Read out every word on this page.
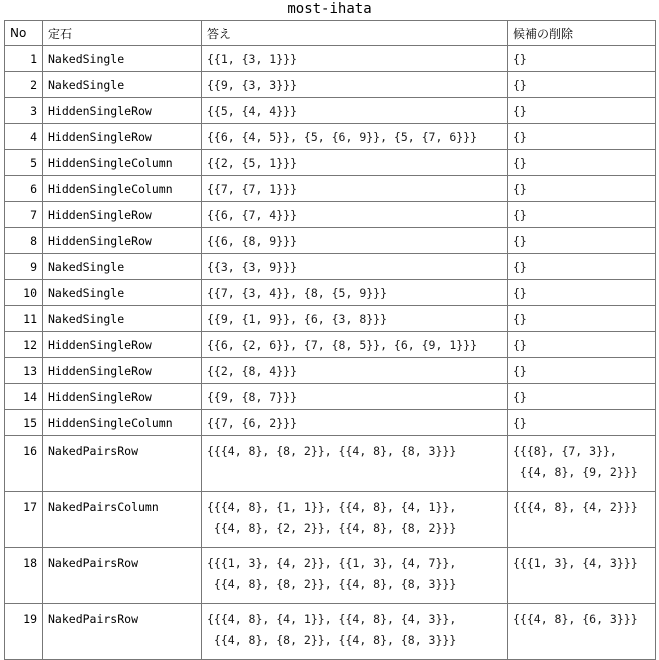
most-ihata
No	定石	答え	候補の削除
1	NakedSingle	{{1, {3, 1}}}	{}
2	NakedSingle	{{9, {3, 3}}}	{}
3	HiddenSingleRow	{{5, {4, 4}}}	{}
4	HiddenSingleRow	{{6, {4, 5}}, {5, {6, 9}}, {5, {7, 6}}}	{}
5	HiddenSingleColumn	{{2, {5, 1}}}	{}
6	HiddenSingleColumn	{{7, {7, 1}}}	{}
7	HiddenSingleRow	{{6, {7, 4}}}	{}
8	HiddenSingleRow	{{6, {8, 9}}}	{}
9	NakedSingle	{{3, {3, 9}}}	{}
10	NakedSingle	{{7, {3, 4}}, {8, {5, 9}}}	{}
11	NakedSingle	{{9, {1, 9}}, {6, {3, 8}}}	{}
12	HiddenSingleRow	{{6, {2, 6}}, {7, {8, 5}}, {6, {9, 1}}}	{}
13	HiddenSingleRow	{{2, {8, 4}}}	{}
14	HiddenSingleRow	{{9, {8, 7}}}	{}
15	HiddenSingleColumn	{{7, {6, 2}}}	{}
16	NakedPairsRow	{{{4, 8}, {8, 2}}, {{4, 8}, {8, 3}}}	{{{8}, {7, 3}},
{{4, 8}, {9, 2}}}
17	NakedPairsColumn	{{{4, 8}, {1, 1}}, {{4, 8}, {4, 1}},
{{4, 8}, {2, 2}}, {{4, 8}, {8, 2}}}	{{{4, 8}, {4, 2}}}
18	NakedPairsRow	{{{1, 3}, {4, 2}}, {{1, 3}, {4, 7}},
{{4, 8}, {8, 2}}, {{4, 8}, {8, 3}}}	{{{1, 3}, {4, 3}}}
19	NakedPairsRow	{{{4, 8}, {4, 1}}, {{4, 8}, {4, 3}},
{{4, 8}, {8, 2}}, {{4, 8}, {8, 3}}}	{{{4, 8}, {6, 3}}}
